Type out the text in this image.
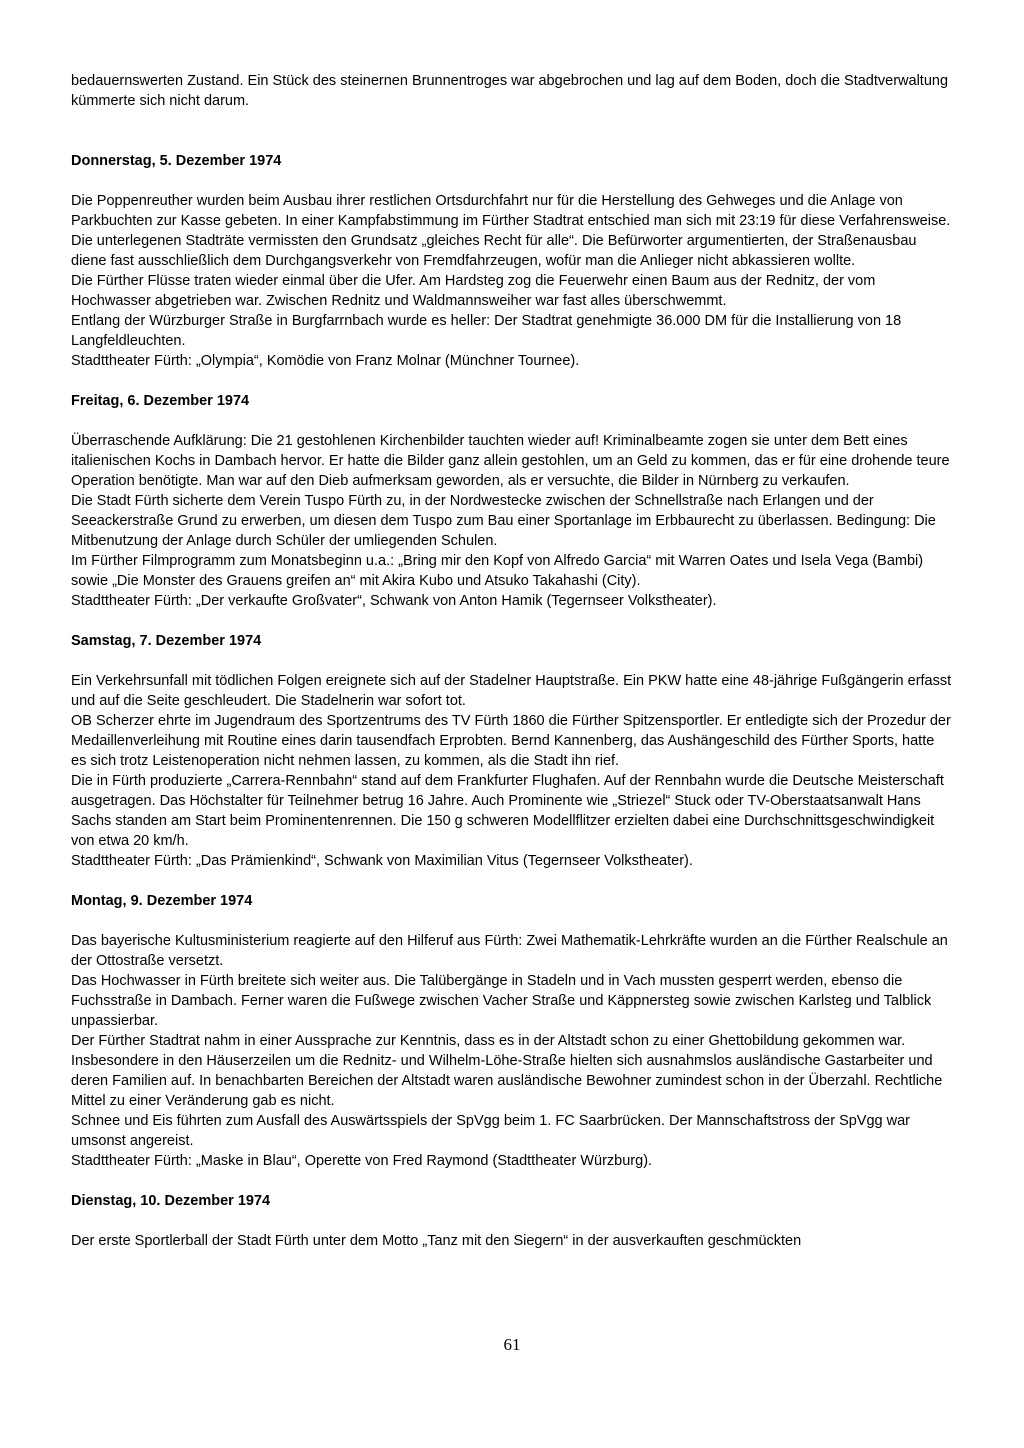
bedauernswerten Zustand. Ein Stück des steinernen Brunnentroges war abgebrochen und lag auf dem Boden, doch die Stadtverwaltung kümmerte sich nicht darum.

Donnerstag, 5. Dezember 1974

Die Poppenreuther wurden beim Ausbau ihrer restlichen Ortsdurchfahrt nur für die Herstellung des Gehweges und die Anlage von Parkbuchten zur Kasse gebeten. In einer Kampfabstimmung im Fürther Stadtrat entschied man sich mit 23:19 für diese Verfahrensweise. Die unterlegenen Stadträte vermissten den Grundsatz „gleiches Recht für alle“. Die Befürworter argumentierten, der Straßenausbau diene fast ausschließlich dem Durchgangsverkehr von Fremdfahrzeugen, wofür man die Anlieger nicht abkassieren wollte.

Die Fürther Flüsse traten wieder einmal über die Ufer. Am Hardsteg zog die Feuerwehr einen Baum aus der Rednitz, der vom Hochwasser abgetrieben war. Zwischen Rednitz und Waldmannsweiher war fast alles überschwemmt.

Entlang der Würzburger Straße in Burgfarrnbach wurde es heller: Der Stadtrat genehmigte 36.000 DM für die Installierung von 18 Langfeldleuchten.

Stadttheater Fürth: „Olympia“, Komödie von Franz Molnar (Münchner Tournee).

Freitag, 6. Dezember 1974

Überraschende Aufklärung: Die 21 gestohlenen Kirchenbilder tauchten wieder auf! Kriminalbeamte zogen sie unter dem Bett eines italienischen Kochs in Dambach hervor. Er hatte die Bilder ganz allein gestohlen, um an Geld zu kommen, das er für eine drohende teure Operation benötigte. Man war auf den Dieb aufmerksam geworden, als er versuchte, die Bilder in Nürnberg zu verkaufen.

Die Stadt Fürth sicherte dem Verein Tuspo Fürth zu, in der Nordwestecke zwischen der Schnellstraße nach Erlangen und der Seeackerstraße Grund zu erwerben, um diesen dem Tuspo zum Bau einer Sportanlage im Erbbaurecht zu überlassen. Bedingung: Die Mitbenutzung der Anlage durch Schüler der umliegenden Schulen.

Im Fürther Filmprogramm zum Monatsbeginn u.a.: „Bring mir den Kopf von Alfredo Garcia“ mit Warren Oates und Isela Vega (Bambi) sowie „Die Monster des Grauens greifen an“ mit Akira Kubo und Atsuko Takahashi (City).

Stadttheater Fürth: „Der verkaufte Großvater“, Schwank von Anton Hamik (Tegernseer Volkstheater).

Samstag, 7. Dezember 1974

Ein Verkehrsunfall mit tödlichen Folgen ereignete sich auf der Stadelner Hauptstraße. Ein PKW hatte eine 48-jährige Fußgängerin erfasst und auf die Seite geschleudert. Die Stadelnerin war sofort tot.

OB Scherzer ehrte im Jugendraum des Sportzentrums des TV Fürth 1860 die Fürther Spitzensportler. Er entledigte sich der Prozedur der Medaillenverleihung mit Routine eines darin tausendfach Erprobten. Bernd Kannenberg, das Aushängeschild des Fürther Sports, hatte es sich trotz Leistenoperation nicht nehmen lassen, zu kommen, als die Stadt ihn rief.

Die in Fürth produzierte „Carrera-Rennbahn“ stand auf dem Frankfurter Flughafen. Auf der Rennbahn wurde die Deutsche Meisterschaft ausgetragen. Das Höchstalter für Teilnehmer betrug 16 Jahre. Auch Prominente wie „Striezel“ Stuck oder TV-Oberstaatsanwalt Hans Sachs standen am Start beim Prominentenrennen. Die 150 g schweren Modellflitzer erzielten dabei eine Durchschnittsgeschwindigkeit von etwa 20 km/h.

Stadttheater Fürth: „Das Prämienkind“, Schwank von Maximilian Vitus (Tegernseer Volkstheater).

Montag, 9. Dezember 1974

Das bayerische Kultusministerium reagierte auf den Hilferuf aus Fürth: Zwei Mathematik-Lehrkräfte wurden an die Fürther Realschule an der Ottostraße versetzt.

Das Hochwasser in Fürth breitete sich weiter aus. Die Talübergänge in Stadeln und in Vach mussten gesperrt werden, ebenso die Fuchsstraße in Dambach. Ferner waren die Fußwege zwischen Vacher Straße und Käppnersteg sowie zwischen Karlsteg und Talblick unpassierbar.

Der Fürther Stadtrat nahm in einer Aussprache zur Kenntnis, dass es in der Altstadt schon zu einer Ghettobildung gekommen war. Insbesondere in den Häuserzeilen um die Rednitz- und Wilhelm-Löhe-Straße hielten sich ausnahmslos ausländische Gastarbeiter und deren Familien auf. In benachbarten Bereichen der Altstadt waren ausländische Bewohner zumindest schon in der Überzahl. Rechtliche Mittel zu einer Veränderung gab es nicht.

Schnee und Eis führten zum Ausfall des Auswärtsspiels der SpVgg beim 1. FC Saarbrücken. Der Mannschaftstross der SpVgg war umsonst angereist.

Stadttheater Fürth: „Maske in Blau“, Operette von Fred Raymond (Stadttheater Würzburg).

Dienstag, 10. Dezember 1974

Der erste Sportlerball der Stadt Fürth unter dem Motto „Tanz mit den Siegern“ in der ausverkauften geschmückten

61
